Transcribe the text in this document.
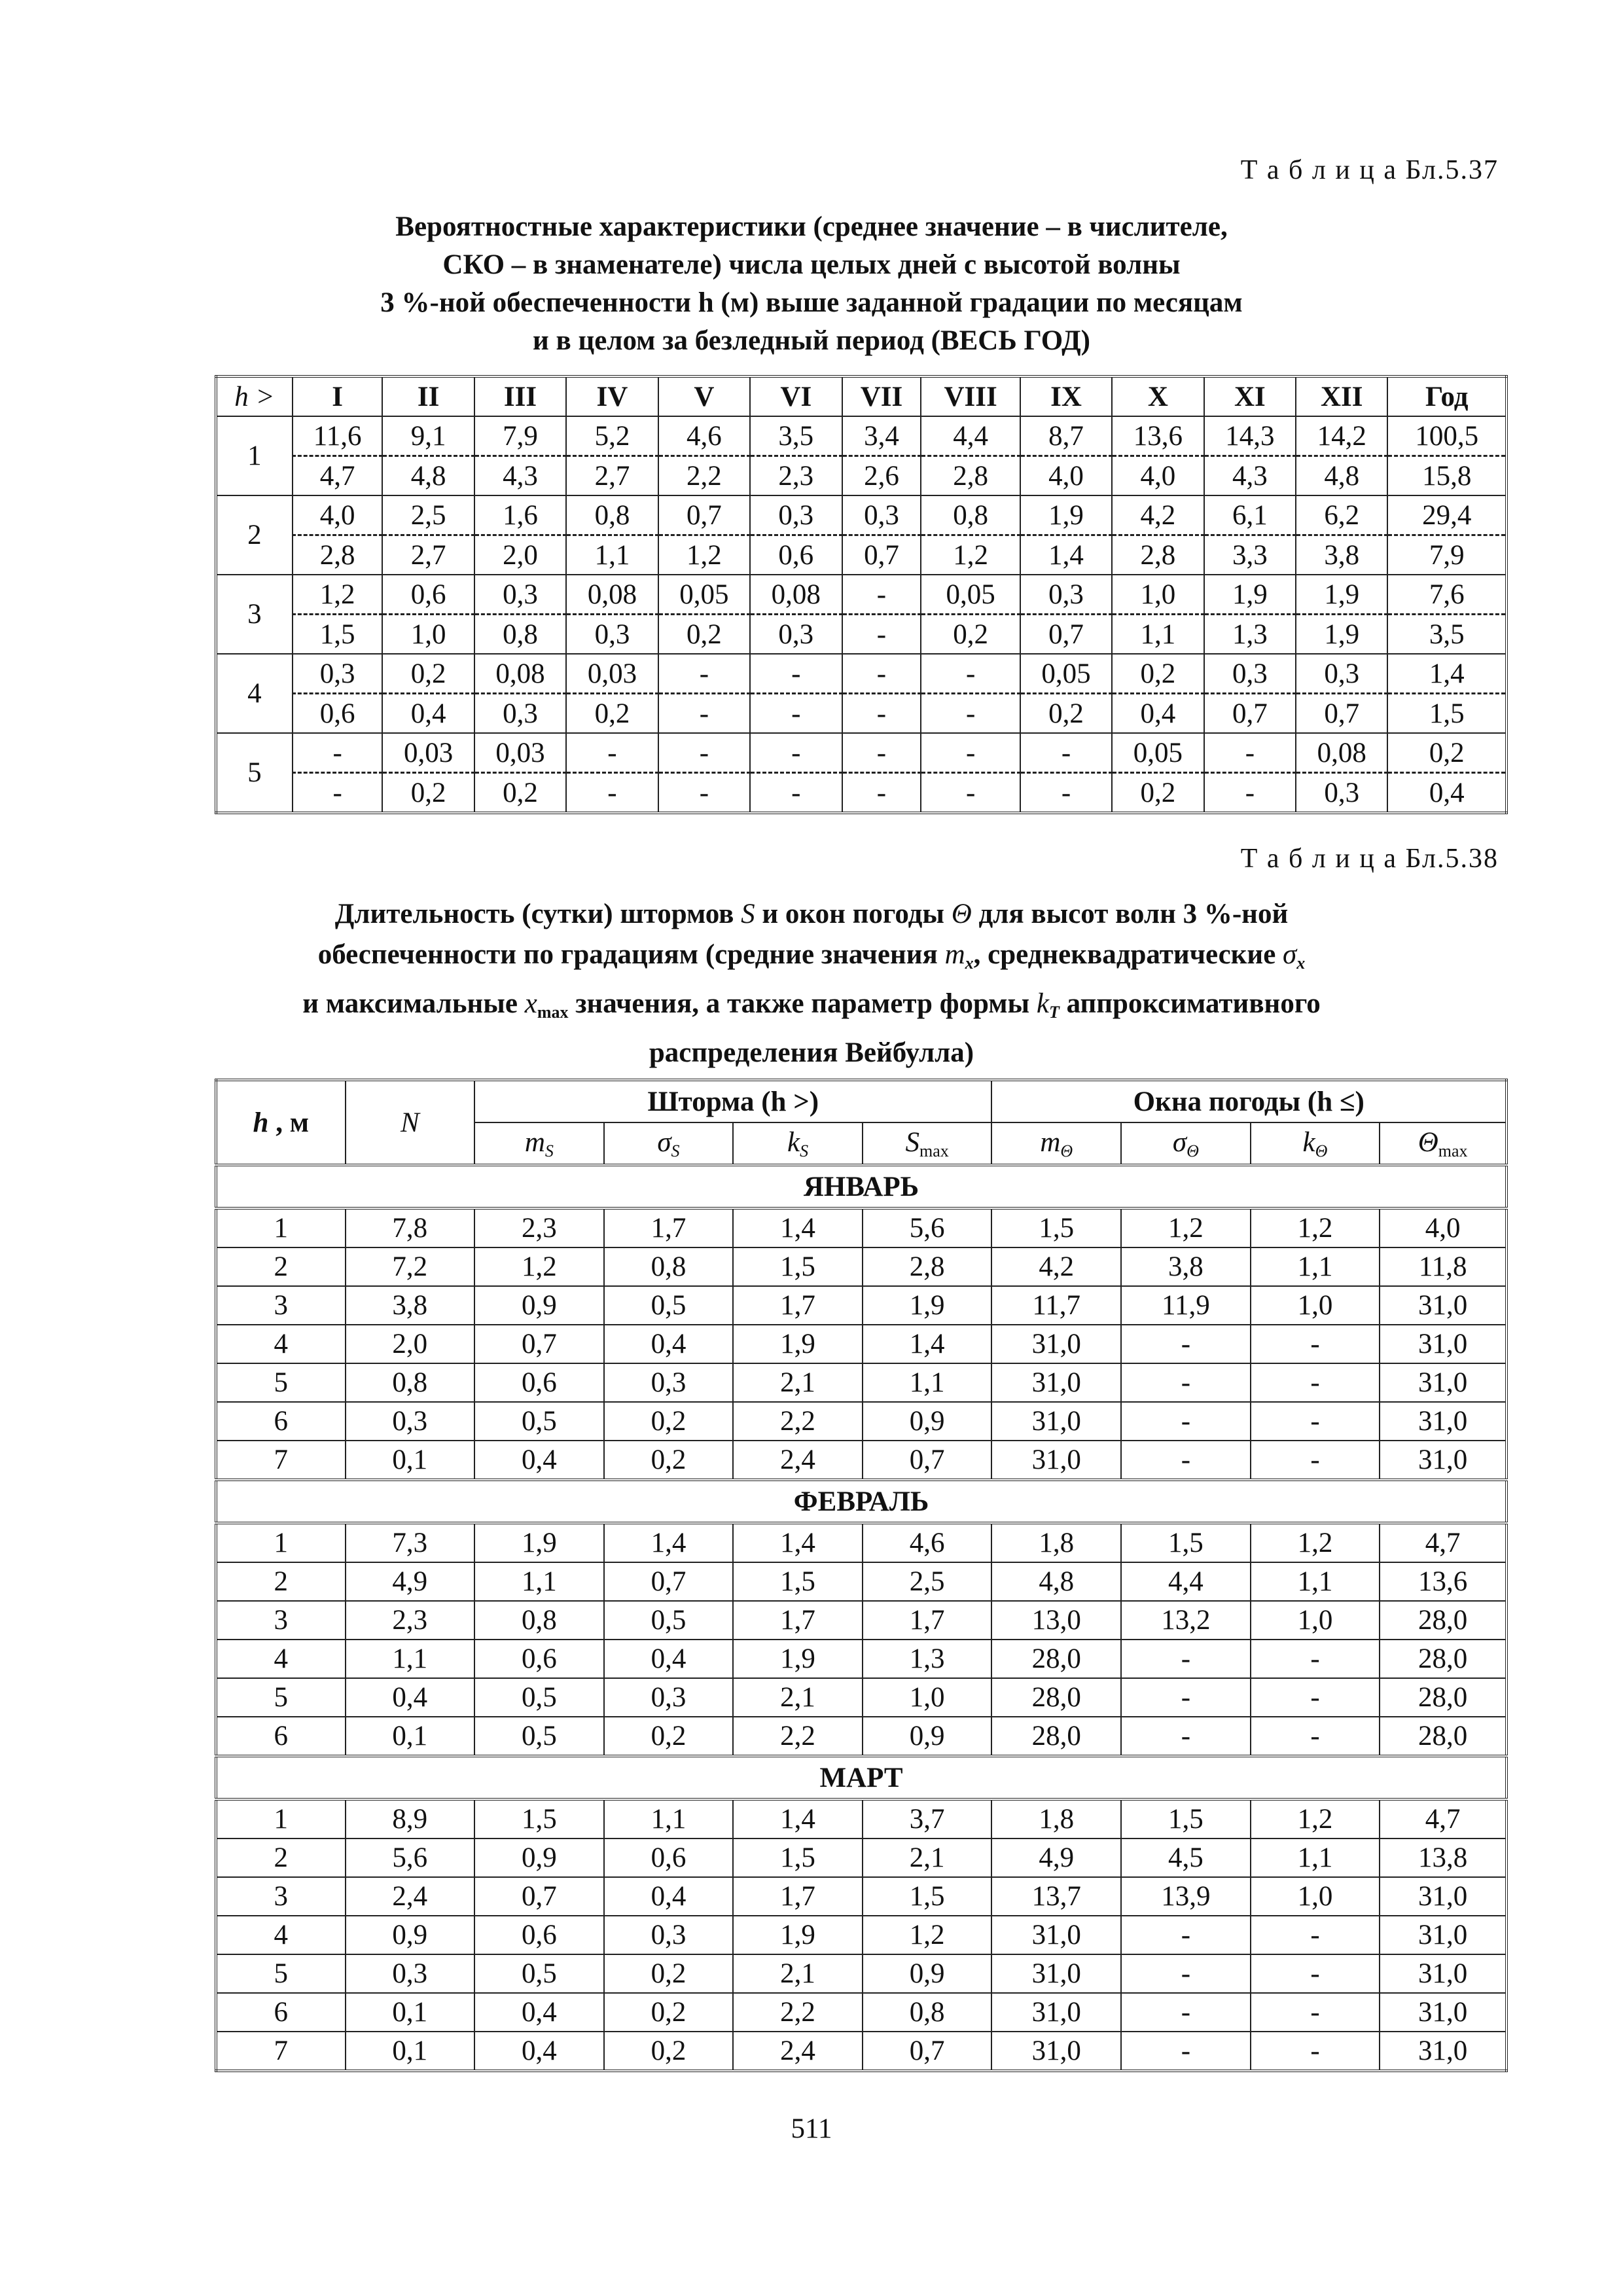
Т а б л и ц а Бл.5.37
Вероятностные характеристики (среднее значение – в числителе,
СКО – в знаменателе) числа целых дней с высотой волны
3 %-ной обеспеченности h (м) выше заданной градации по месяцам
и в целом за безледный период (ВЕСЬ ГОД)
h >	I	II	III	IV	V	VI	VII	VIII	IX	X	XI	XII	Год
1	11,6	9,1	7,9	5,2	4,6	3,5	3,4	4,4	8,7	13,6	14,3	14,2	100,5
	4,7	4,8	4,3	2,7	2,2	2,3	2,6	2,8	4,0	4,0	4,3	4,8	15,8
2	4,0	2,5	1,6	0,8	0,7	0,3	0,3	0,8	1,9	4,2	6,1	6,2	29,4
	2,8	2,7	2,0	1,1	1,2	0,6	0,7	1,2	1,4	2,8	3,3	3,8	7,9
3	1,2	0,6	0,3	0,08	0,05	0,08	-	0,05	0,3	1,0	1,9	1,9	7,6
	1,5	1,0	0,8	0,3	0,2	0,3	-	0,2	0,7	1,1	1,3	1,9	3,5
4	0,3	0,2	0,08	0,03	-	-	-	-	0,05	0,2	0,3	0,3	1,4
	0,6	0,4	0,3	0,2	-	-	-	-	0,2	0,4	0,7	0,7	1,5
5	-	0,03	0,03	-	-	-	-	-	-	0,05	-	0,08	0,2
	-	0,2	0,2	-	-	-	-	-	-	0,2	-	0,3	0,4
Т а б л и ц а Бл.5.38
Длительность (сутки) штормов S и окон погоды Θ для высот волн 3 %-ной
обеспеченности по градациям (средние значения $m_x$, среднеквадратические $\sigma_x$
и максимальные xmax значения, а также параметр формы $k_T$ аппроксимативного
распределения Вейбулла)
h , м	N	Шторма (h >)				Окна погоды (h ≤)			
		$m_S$	$\sigma_S$	$k_S$	Smax	$m_\Theta$	$\sigma_\Theta$	$k_\Theta$	Θmax
ЯНВАРЬ									
1	7,8	2,3	1,7	1,4	5,6	1,5	1,2	1,2	4,0
2	7,2	1,2	0,8	1,5	2,8	4,2	3,8	1,1	11,8
3	3,8	0,9	0,5	1,7	1,9	11,7	11,9	1,0	31,0
4	2,0	0,7	0,4	1,9	1,4	31,0	-	-	31,0
5	0,8	0,6	0,3	2,1	1,1	31,0	-	-	31,0
6	0,3	0,5	0,2	2,2	0,9	31,0	-	-	31,0
7	0,1	0,4	0,2	2,4	0,7	31,0	-	-	31,0
ФЕВРАЛЬ									
1	7,3	1,9	1,4	1,4	4,6	1,8	1,5	1,2	4,7
2	4,9	1,1	0,7	1,5	2,5	4,8	4,4	1,1	13,6
3	2,3	0,8	0,5	1,7	1,7	13,0	13,2	1,0	28,0
4	1,1	0,6	0,4	1,9	1,3	28,0	-	-	28,0
5	0,4	0,5	0,3	2,1	1,0	28,0	-	-	28,0
6	0,1	0,5	0,2	2,2	0,9	28,0	-	-	28,0
МАРТ									
1	8,9	1,5	1,1	1,4	3,7	1,8	1,5	1,2	4,7
2	5,6	0,9	0,6	1,5	2,1	4,9	4,5	1,1	13,8
3	2,4	0,7	0,4	1,7	1,5	13,7	13,9	1,0	31,0
4	0,9	0,6	0,3	1,9	1,2	31,0	-	-	31,0
5	0,3	0,5	0,2	2,1	0,9	31,0	-	-	31,0
6	0,1	0,4	0,2	2,2	0,8	31,0	-	-	31,0
7	0,1	0,4	0,2	2,4	0,7	31,0	-	-	31,0
511
